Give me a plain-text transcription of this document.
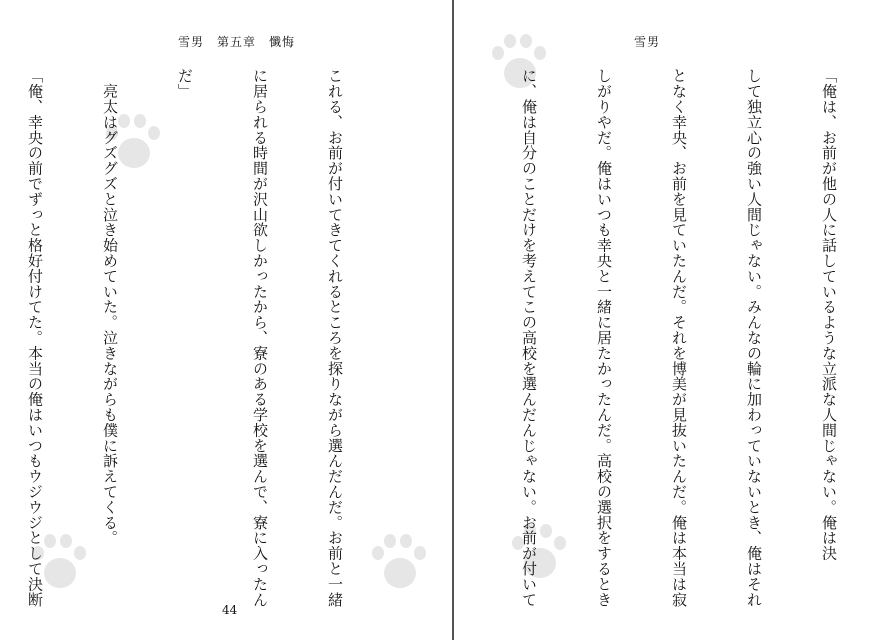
雪男　第五章　懺悔

これる、お前が付いてきてくれるところを探りながら選んだんだ。お前と一緒

に居られる時間が沢山欲しかったから、寮のある学校を選んで、寮に入ったん

だ」

　亮太はグズグズと泣き始めていた。泣きながらも僕に訴えてくる。

「俺、幸央の前でずっと格好付けてた。本当の俺はいつもウジウジとして決断

44
雪男

「俺は、お前が他の人に話しているような立派な人間じゃない。俺は決

して独立心の強い人間じゃない。みんなの輪に加わっていないとき、俺はそれ

となく幸央、お前を見ていたんだ。それを博美が見抜いたんだ。俺は本当は寂

しがりやだ。俺はいつも幸央と一緒に居たかったんだ。高校の選択をするとき

に、俺は自分のことだけを考えてこの高校を選んだんじゃない。お前が付いて
